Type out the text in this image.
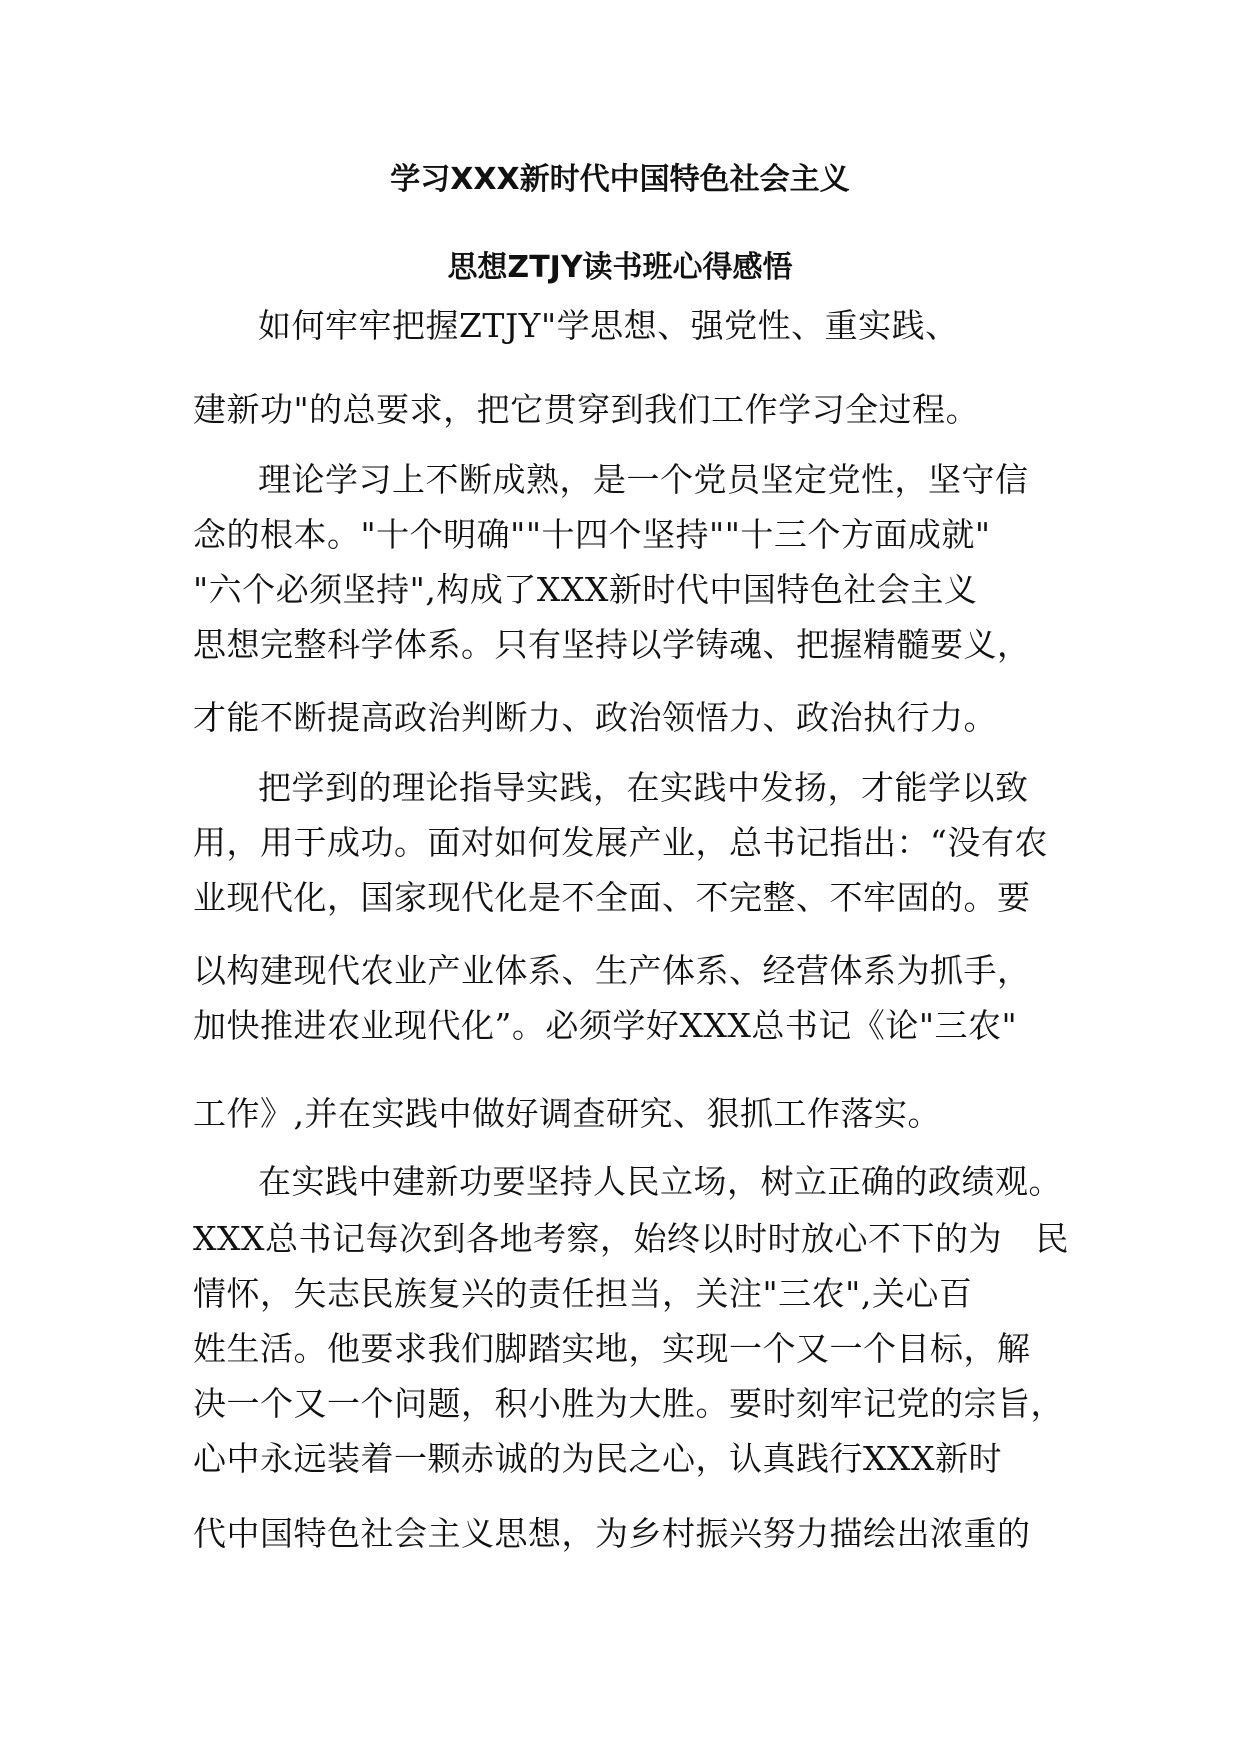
学习XXX新时代中国特色社会主义
思想ZTJY读书班心得感悟
如何牢牢把握ZTJY"学思想、强党性、重实践、
建新功"的总要求，把它贯穿到我们工作学习全过程。
理论学习上不断成熟，是一个党员坚定党性，坚守信
念的根本。"十个明确""十四个坚持""十三个方面成就"
"六个必须坚持",构成了XXX新时代中国特色社会主义
思想完整科学体系。只有坚持以学铸魂、把握精髓要义，
才能不断提高政治判断力、政治领悟力、政治执行力。
把学到的理论指导实践，在实践中发扬，才能学以致
用，用于成功。面对如何发展产业，总书记指出：“没有农
业现代化，国家现代化是不全面、不完整、不牢固的。要
以构建现代农业产业体系、生产体系、经营体系为抓手，
加快推进农业现代化”。必须学好XXX总书记《论"三农"
工作》,并在实践中做好调查研究、狠抓工作落实。
在实践中建新功要坚持人民立场，树立正确的政绩观。
XXX总书记每次到各地考察，始终以时时放心不下的为　民
情怀，矢志民族复兴的责任担当，关注"三农",关心百
姓生活。他要求我们脚踏实地，实现一个又一个目标，解
决一个又一个问题，积小胜为大胜。要时刻牢记党的宗旨，
心中永远装着一颗赤诚的为民之心，认真践行XXX新时
代中国特色社会主义思想，为乡村振兴努力描绘出浓重的
